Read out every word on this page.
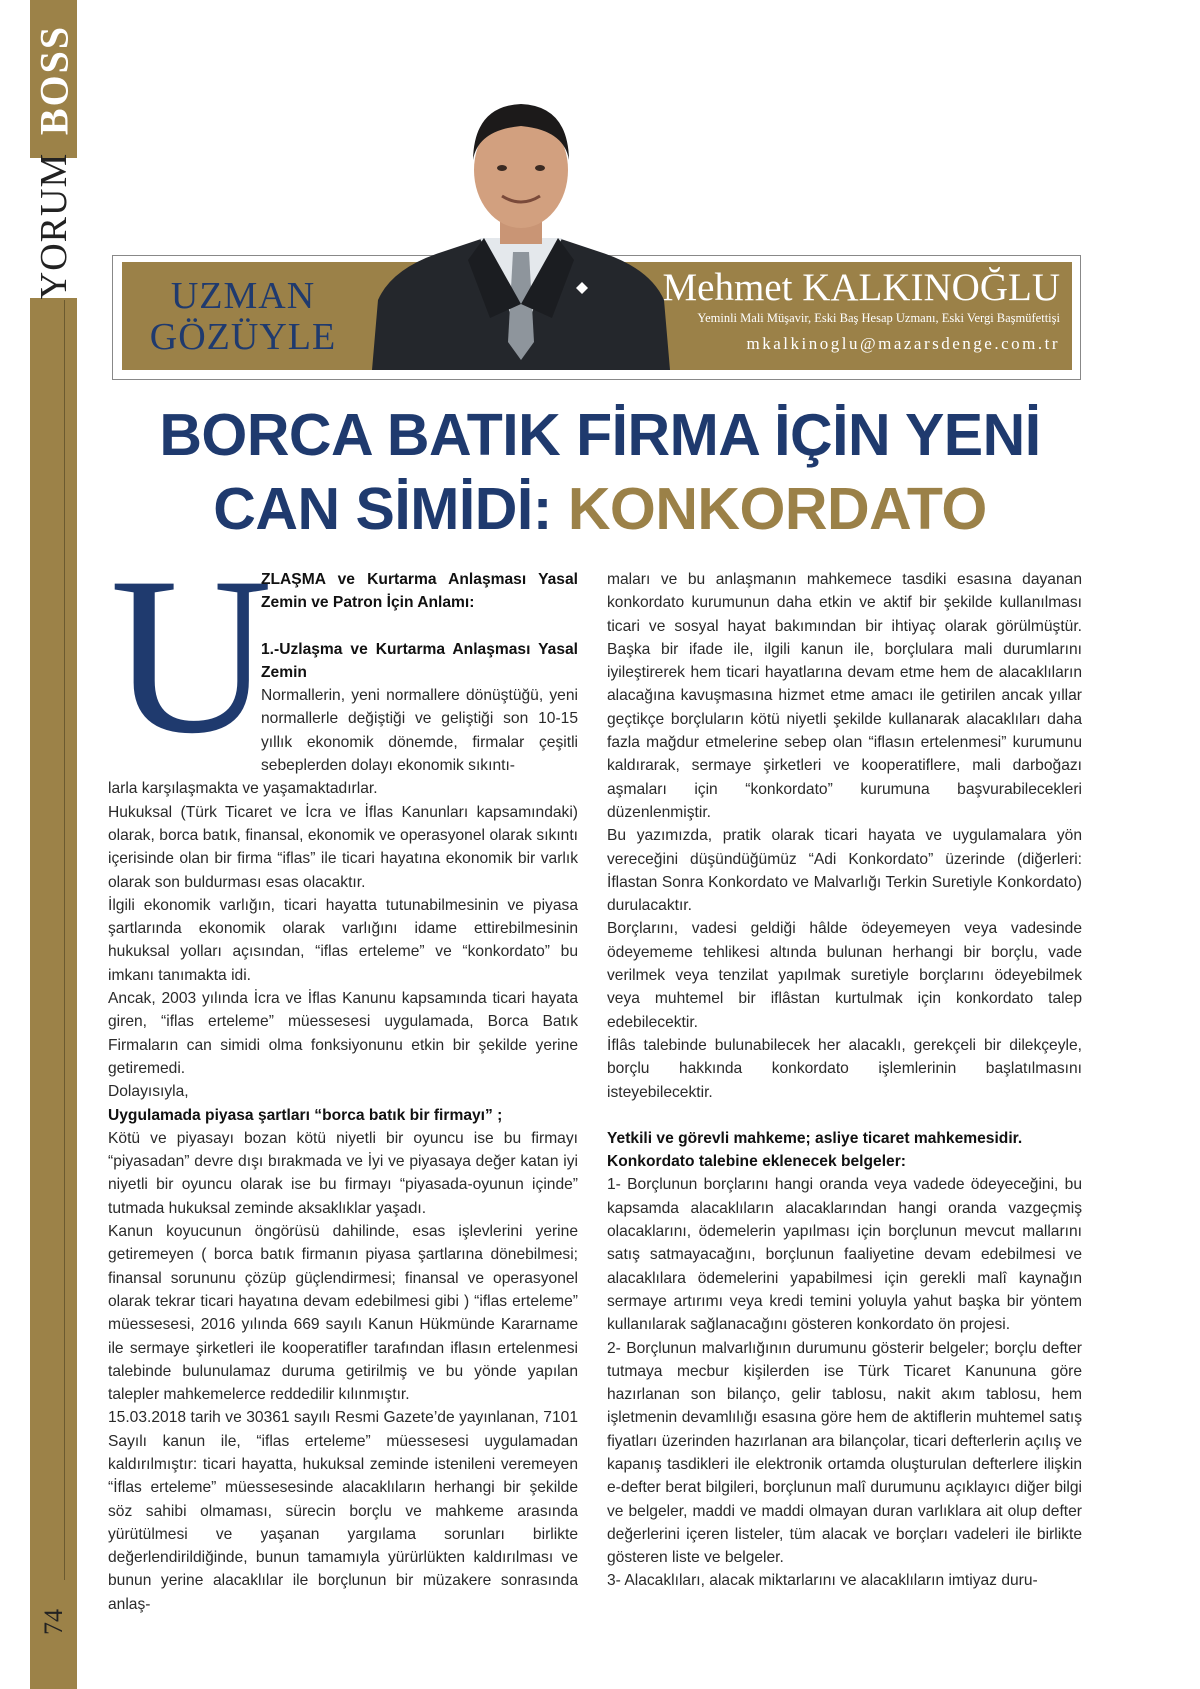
BOSS
YORUM
74
UZMAN
GÖZÜYLE
Mehmet KALKINOĞLU
Yeminli Mali Müşavir, Eski Baş Hesap Uzmanı, Eski Vergi Başmüfettişi
mkalkinoglu@mazarsdenge.com.tr
BORCA BATIK FİRMA İÇİN YENİ
CAN SİMİDİ: KONKORDATO
U

ZLAŞMA ve Kurtarma Anlaşması Yasal Zemin ve Patron İçin Anlamı:

1.-Uzlaşma ve Kurtarma Anlaşması Yasal Zemin

Normallerin, yeni normallere dönüştüğü, yeni normallerle değiştiği ve geliştiği son 10-15 yıllık ekonomik dönemde, firmalar çeşitli sebeplerden dolayı ekonomik sıkıntı-

larla karşılaşmakta ve yaşamaktadırlar.

Hukuksal (Türk Ticaret ve İcra ve İflas Kanunları kapsamındaki) olarak, borca batık, finansal, ekonomik ve operasyonel olarak sıkıntı içerisinde olan bir firma “iflas” ile ticari hayatına ekonomik bir varlık olarak son buldurması esas olacaktır.

İlgili ekonomik varlığın, ticari hayatta tutunabilmesinin ve piyasa şartlarında ekonomik olarak varlığını idame ettirebilmesinin hukuksal yolları açısından, “iflas erteleme” ve “konkordato” bu imkanı tanımakta idi.

Ancak, 2003 yılında İcra ve İflas Kanunu kapsamında ticari hayata giren, “iflas erteleme” müessesesi uygulamada, Borca Batık Firmaların can simidi olma fonksiyonunu etkin bir şekilde yerine getiremedi.

Dolayısıyla,

Uygulamada piyasa şartları “borca batık bir firmayı” ;

Kötü ve piyasayı bozan kötü niyetli bir oyuncu ise bu firmayı “piyasadan” devre dışı bırakmada ve İyi ve piyasaya değer katan iyi niyetli bir oyuncu olarak ise bu firmayı “piyasada-oyunun içinde” tutmada hukuksal zeminde aksaklıklar yaşadı.

Kanun koyucunun öngörüsü dahilinde, esas işlevlerini yerine getiremeyen ( borca batık firmanın piyasa şartlarına dönebilmesi; finansal sorununu çözüp güçlendirmesi; finansal ve operasyonel olarak tekrar ticari hayatına devam edebilmesi gibi ) “iflas erteleme” müessesesi, 2016 yılında 669 sayılı Kanun Hükmünde Kararname ile sermaye şirketleri ile kooperatifler tarafından iflasın ertelenmesi talebinde bulunulamaz duruma getirilmiş ve bu yönde yapılan talepler mahkemelerce reddedilir kılınmıştır.

15.03.2018 tarih ve 30361 sayılı Resmi Gazete’de yayınlanan, 7101 Sayılı kanun ile, “iflas erteleme” müessesesi uygulamadan kaldırılmıştır: ticari hayatta, hukuksal zeminde istenileni veremeyen “İflas erteleme” müessesesinde alacaklıların herhangi bir şekilde söz sahibi olmaması, sürecin borçlu ve mahkeme arasında yürütülmesi ve yaşanan yargılama sorunları birlikte değerlendirildiğinde, bunun tamamıyla yürürlükten kaldırılması ve bunun yerine alacaklılar ile borçlunun bir müzakere sonrasında anlaş-

maları ve bu anlaşmanın mahkemece tasdiki esasına dayanan konkordato kurumunun daha etkin ve aktif bir şekilde kullanılması ticari ve sosyal hayat bakımından bir ihtiyaç olarak görülmüştür. Başka bir ifade ile, ilgili kanun ile, borçlulara mali durumlarını iyileştirerek hem ticari hayatlarına devam etme hem de alacaklıların alacağına kavuşmasına hizmet etme amacı ile getirilen ancak yıllar geçtikçe borçluların kötü niyetli şekilde kullanarak alacaklıları daha fazla mağdur etmelerine sebep olan “iflasın ertelenmesi” kurumunu kaldırarak, sermaye şirketleri ve kooperatiflere, mali darboğazı aşmaları için “konkordato” kurumuna başvurabilecekleri düzenlenmiştir.

Bu yazımızda, pratik olarak ticari hayata ve uygulamalara yön vereceğini düşündüğümüz “Adi Konkordato” üzerinde (diğerleri: İflastan Sonra Konkordato ve Malvarlığı Terkin Suretiyle Konkordato) durulacaktır.

Borçlarını, vadesi geldiği hâlde ödeyemeyen veya vadesinde ödeyememe tehlikesi altında bulunan herhangi bir borçlu, vade verilmek veya tenzilat yapılmak suretiyle borçlarını ödeyebilmek veya muhtemel bir iflâstan kurtulmak için konkordato talep edebilecektir.

İflâs talebinde bulunabilecek her alacaklı, gerekçeli bir dilekçeyle, borçlu hakkında konkordato işlemlerinin başlatılmasını isteyebilecektir.

Yetkili ve görevli mahkeme; asliye ticaret mahkemesidir.

Konkordato talebine eklenecek belgeler:

1- Borçlunun borçlarını hangi oranda veya vadede ödeyeceğini, bu kapsamda alacaklıların alacaklarından hangi oranda vazgeçmiş olacaklarını, ödemelerin yapılması için borçlunun mevcut mallarını satış satmayacağını, borçlunun faaliyetine devam edebilmesi ve alacaklılara ödemelerini yapabilmesi için gerekli malî kaynağın sermaye artırımı veya kredi temini yoluyla yahut başka bir yöntem kullanılarak sağlanacağını gösteren konkordato ön projesi.

2- Borçlunun malvarlığının durumunu gösterir belgeler; borçlu defter tutmaya mecbur kişilerden ise Türk Ticaret Kanununa göre hazırlanan son bilanço, gelir tablosu, nakit akım tablosu, hem işletmenin devamlılığı esasına göre hem de aktiflerin muhtemel satış fiyatları üzerinden hazırlanan ara bilançolar, ticari defterlerin açılış ve kapanış tasdikleri ile elektronik ortamda oluşturulan defterlere ilişkin e-defter berat bilgileri, borçlunun malî durumunu açıklayıcı diğer bilgi ve belgeler, maddi ve maddi olmayan duran varlıklara ait olup defter değerlerini içeren listeler, tüm alacak ve borçları vadeleri ile birlikte gösteren liste ve belgeler.

3- Alacaklıları, alacak miktarlarını ve alacaklıların imtiyaz duru-
